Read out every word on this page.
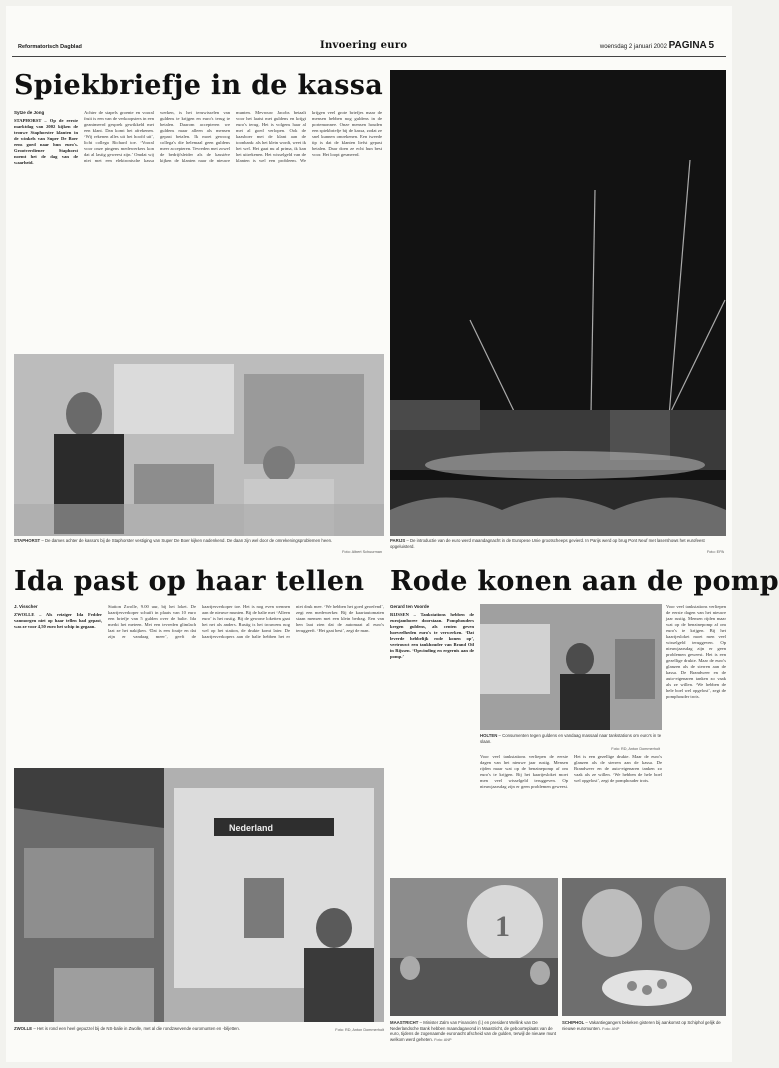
Reformatorisch Dagblad	Invoering euro	woensdag 2 januari 2002 PAGINA 5
Spiekbriefje in de kassa
Sytze de Jong
STAPHORST – Op de eerste marktdag van 2002 kijken de trouwe Staphorster klanten in de winkels van Super De Boer eens goed naar hun euro's. Grootverdiener Staphorst noemt het de dag van de waarheid.
Achter de stapels groente en vooral fruit is een van de verkoopsters in een geanimeerd gesprek gewikkeld met een klant. Dan komt het afrekenen. ‘Wij rekenen alles uit het hoofd uit’, licht collega Richard toe. ‘Vooral voor onze pingens medewerkers kon dat al lastig geweest zijn.’ Omdat wij niet met een elektronische kassa werken, is het teruwisselen van guldens te krijgen en euro's terug te betalen. Daarom accepteren we guldens maar alleen als mensen gepast betalen. Ik moet gewoog collega's die helemaal geen guldens meer accepteren. Tevreden met zowel de bedrijfsleider als de kassière kijken de klanten naar de nieuwe munten. Mevrouw Jacobs betaalt voor het laatst met guldens en krijgt euro's terug. Het is volgens haar al met al goed verlopen. Ook de kaasboer met de klant aan de toonbank: als het klein wordt, weet ik het wel. Het gaat nu al prima, ik kan het uitrekenen. Het wisselgeld van de klanten is wel een probleem. We krijgen veel grote briefjes maar de mensen hebben nog guldens in de portemonnee. Onze mensen houden een spiekbriefje bij de kassa, zodat ze snel kunnen omrekenen. Een tweede tip is dat de klanten liefst gepast betalen. Daar doen ze echt hun best voor. Het loopt gesmeerd.
STAPHORST – De dames achter de kassa's bij de Staphorster vestiging van Super De Boer kijken nadenkend. De daan zijn wel door de omrekeningsproblemen heen.
Foto: Albert Schuurman
PARIJS – De introductie van de euro werd maandagnacht in de Europese Unie grootscheeps gevierd. In Parijs werd op brug Pont Neuf met lasershows het eurofeest opgeluisterd.
Foto: EPA
Ida past op haar tellen
J. Visscher
ZWOLLE – Als reiziger Ida Fedder vanmorgen niet op haar tellen had gepast, was ze voor 4,50 euro het schip in gegaan.
Station Zwolle, 9.00 uur, bij het loket. De kaartjesverkoper schuift in plaats van 10 euro een briefje van 5 gulden over de balie. Ida merkt het meteen. Met een tevreden glimlach laat ze het nakijken. ‘Dat is een foutje en dat zijn er vandaag meer’, geeft de kaartjesverkoper toe. Het is nog even wennen aan de nieuwe munten. Bij de balie met ‘Alleen euro’ is het rustig. Bij de gewone loketten gaat het net als anders. Rustig is het trouwens nog wel op het station, de drukte komt later. De kaartjesverkopers aan de balie hebben het er niet druk mee. ‘We hebben het goed geoefend’, zegt een medewerker. Bij de kaartautomaten staan mensen met een klein bedrag. Een van hen laat zien dat de automaat al euro's teruggeeft. ‘Het gaat best’, zegt de man.
Nederland
ZWOLLE – Het is rond een heel gepuzzel bij de NS-balie in Zwolle, met al die rondzwevende euromunten en -biljetten.	Foto: RD, Anton Dommerholt
Rode konen aan de pomp
Gerard ten Voorde
RIJSSEN – Tankstations hebben de eurojamboree doorstaan. Pomphouders kregen guldens, als centen geven hoeveelheden euro's te verwerken. ‘Dat leverde hebbelijk rode konen op’, vertrouwt een tankhouder van Brand Oil in Rijssen. ‘Opwinding en ergernis aan de pomp.’
HOLTEN – Consumenten tegen guldens en vandaag massaal naar tankstations om euro's in te slaan.
Foto: RD, Anton Dommerholt
Voor veel tankstations verliepen de eerste dagen van het nieuwe jaar rustig. Mensen rijden maar wat op de benzinepomp af om euro's te krijgen. Bij het kaartjesloket moet men veel wisselgeld teruggeven. Op nieuwjaarsdag zijn er geen problemen geweest. Het is een gezellige drukte. Maar de euro's glanzen als de sterren aan de kassa. De Brandweer en de auto-eigenaren tanken zo vaak als ze willen. ‘We hebben de hele boel wel opgelost’, zegt de pomphouder trots.
Voor veel tankstations verliepen de eerste dagen van het nieuwe jaar rustig. Mensen rijden maar wat op de benzinepomp af om euro's te krijgen. Bij het kaartjesloket moet men veel wisselgeld teruggeven. Op nieuwjaarsdag zijn er geen problemen geweest. Het is een gezellige drukte. Maar de euro's glanzen als de sterren aan de kassa. De Brandweer en de auto-eigenaren tanken zo vaak als ze willen. ‘We hebben de hele boel wel opgelost’, zegt de pomphouder trots.
1
MAASTRICHT – Minister Zalm van Financiën (l.) en president Wellink van De Nederlandsche Bank hebben maandagavond in Maastricht, de geboorteplaats van de euro, tijdens de zogenaamde euronacht afscheid van de gulden, terwijl de nieuwe munt welkom werd geheten. Foto: ANP
SCHIPHOL – Vakantiegangers bekeken gisteren bij aankomst op Schiphol gelijk de nieuwe euromunten. Foto: ANP
